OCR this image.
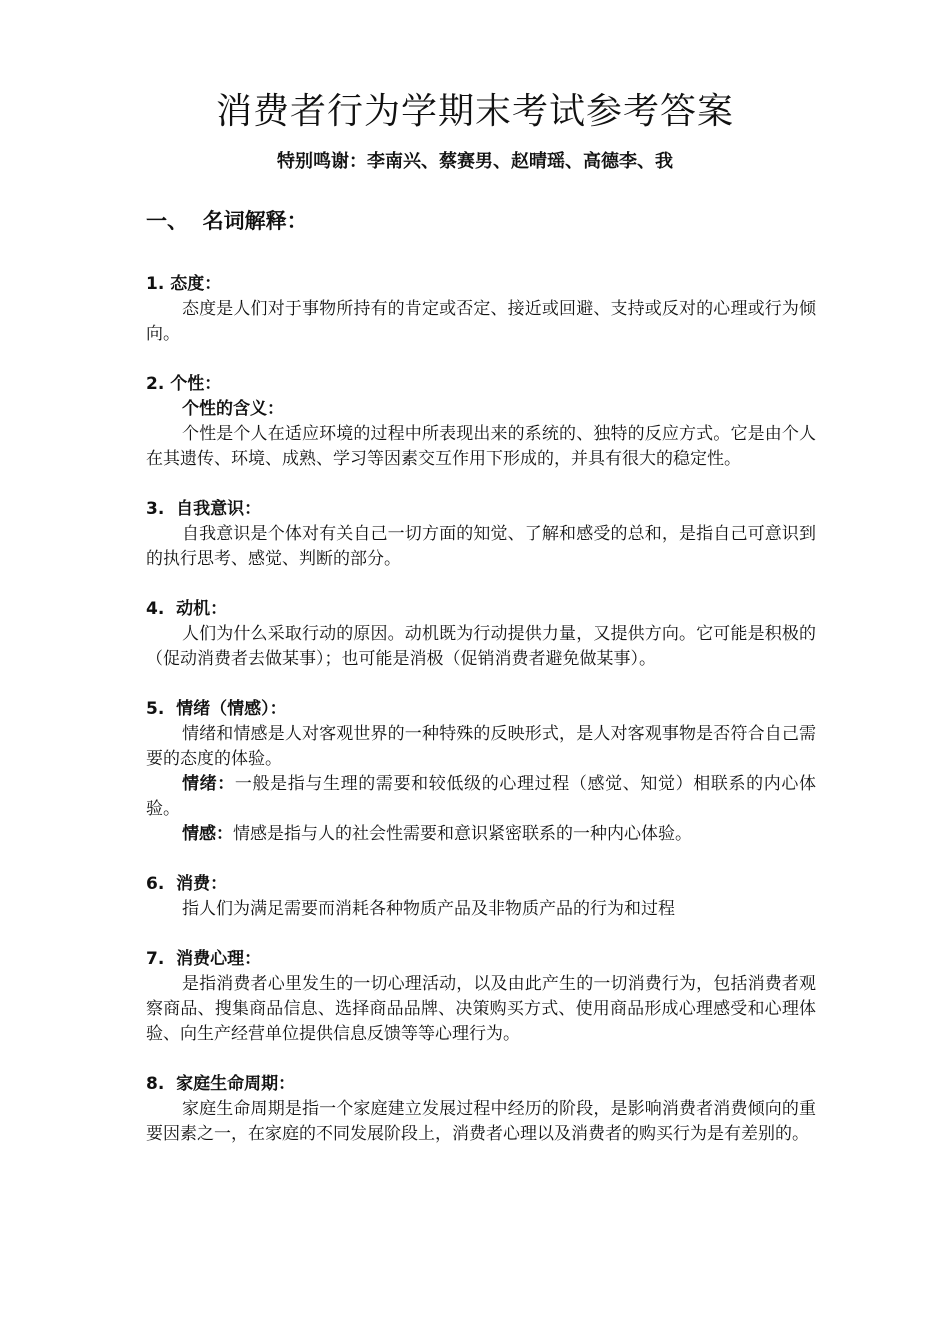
消费者行为学期末考试参考答案
特别鸣谢：李南兴、蔡赛男、赵晴瑶、高德李、我
一、  名词解释：
1. 态度：
态度是人们对于事物所持有的肯定或否定、接近或回避、支持或反对的心理或行为倾向。
2. 个性：
个性的含义：
个性是个人在适应环境的过程中所表现出来的系统的、独特的反应方式。它是由个人在其遗传、环境、成熟、学习等因素交互作用下形成的，并具有很大的稳定性。
3.  自我意识：
自我意识是个体对有关自己一切方面的知觉、了解和感受的总和，是指自己可意识到的执行思考、感觉、判断的部分。
4.  动机：
人们为什么采取行动的原因。动机既为行动提供力量，又提供方向。它可能是积极的（促动消费者去做某事）；也可能是消极（促销消费者避免做某事）。
5.  情绪（情感）：
情绪和情感是人对客观世界的一种特殊的反映形式，是人对客观事物是否符合自己需要的态度的体验。
情绪：一般是指与生理的需要和较低级的心理过程（感觉、知觉）相联系的内心体验。
情感：情感是指与人的社会性需要和意识紧密联系的一种内心体验。
6.  消费：
指人们为满足需要而消耗各种物质产品及非物质产品的行为和过程
7.  消费心理：
是指消费者心里发生的一切心理活动，以及由此产生的一切消费行为，包括消费者观察商品、搜集商品信息、选择商品品牌、决策购买方式、使用商品形成心理感受和心理体验、向生产经营单位提供信息反馈等等心理行为。
8.  家庭生命周期：
家庭生命周期是指一个家庭建立发展过程中经历的阶段，是影响消费者消费倾向的重要因素之一，在家庭的不同发展阶段上，消费者心理以及消费者的购买行为是有差别的。
